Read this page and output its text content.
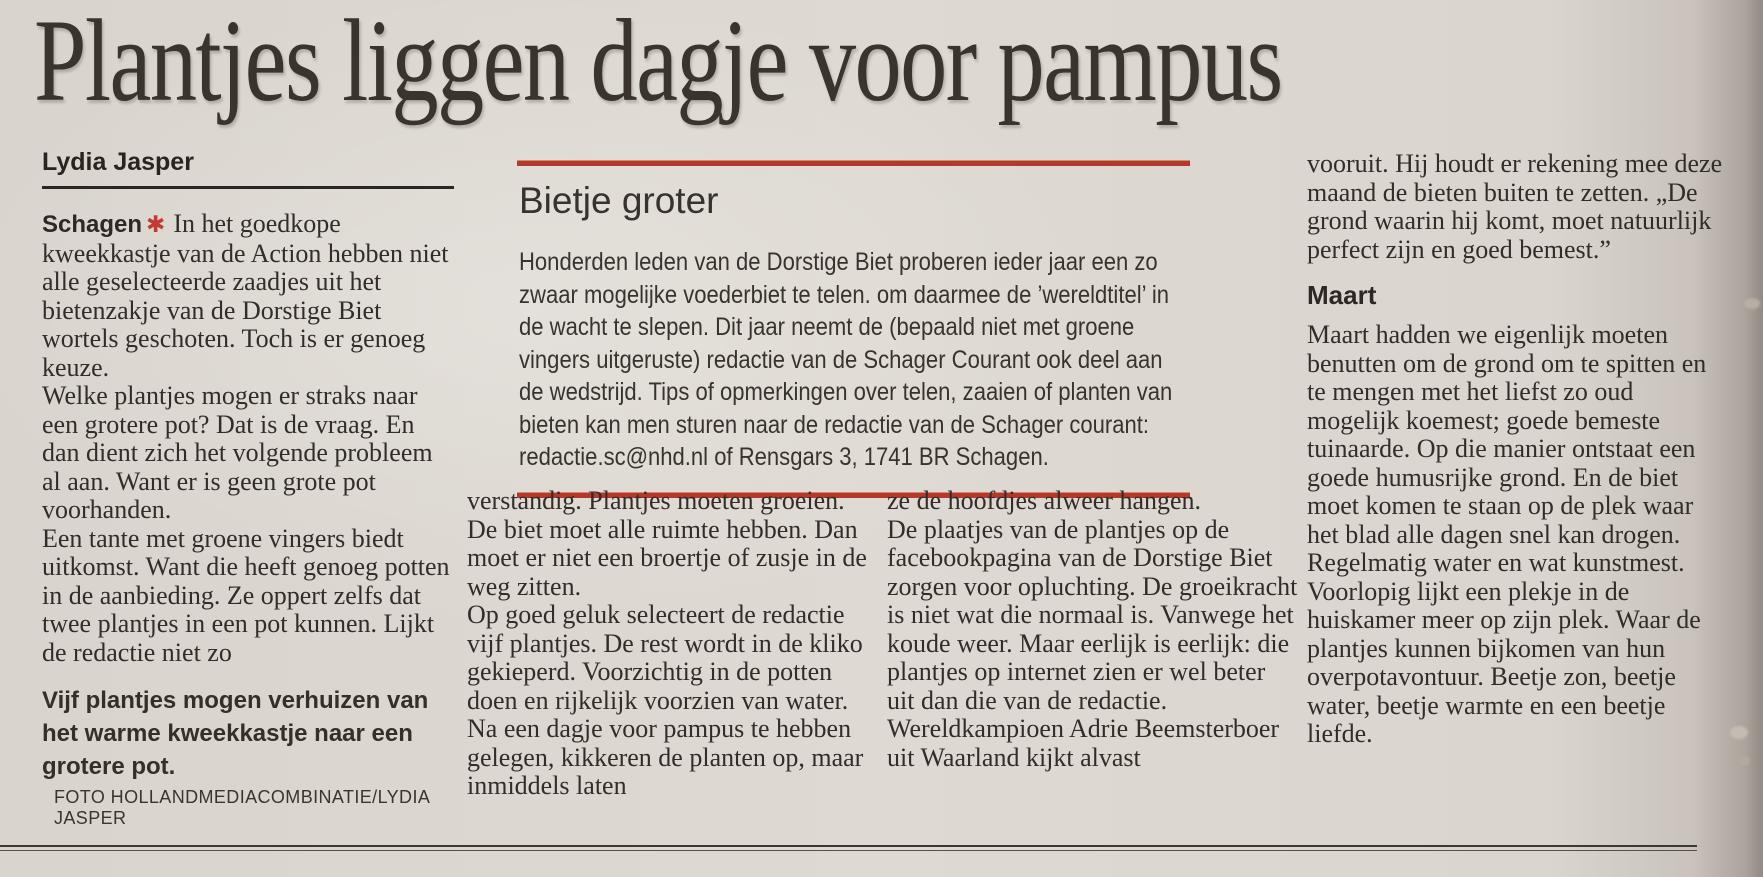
Plantjes liggen dagje voor pampus
Lydia Jasper

Schagen ✱ In het goedkope kweekkastje van de Action hebben niet alle geselecteerde zaadjes uit het bietenzakje van de Dorstige Biet wortels geschoten. Toch is er genoeg keuze.

Welke plantjes mogen er straks naar een grotere pot? Dat is de vraag. En dan dient zich het volgende probleem al aan. Want er is geen grote pot voorhanden.

Een tante met groene vingers biedt uitkomst. Want die heeft genoeg potten in de aanbieding. Ze oppert zelfs dat twee plantjes in een pot kunnen. Lijkt de redactie niet zo

Vijf plantjes mogen verhuizen van het warme kweekkastje naar een grotere pot.
FOTO HOLLANDMEDIACOMBINATIE/LYDIA JASPER
Bietje groter

Honderden leden van de Dorstige Biet proberen ieder jaar een zo zwaar mogelijke voederbiet te telen. om daarmee de ’wereldtitel’ in de wacht te slepen. Dit jaar neemt de (bepaald niet met groene vingers uitgeruste) redactie van de Schager Courant ook deel aan de wedstrijd. Tips of opmerkingen over telen, zaaien of planten van bieten kan men sturen naar de redactie van de Schager courant: redactie.sc@nhd.nl of Rensgars 3, 1741 BR Schagen.

verstandig. Plantjes moeten groeien. De biet moet alle ruimte hebben. Dan moet er niet een broertje of zusje in de weg zitten.

Op goed geluk selecteert de redactie vijf plantjes. De rest wordt in de kliko gekieperd. Voorzichtig in de potten doen en rijkelijk voorzien van water. Na een dagje voor pampus te hebben gelegen, kikkeren de planten op, maar inmiddels laten

ze de hoofdjes alweer hangen.

De plaatjes van de plantjes op de facebookpagina van de Dorstige Biet zorgen voor opluchting. De groeikracht is niet wat die normaal is. Vanwege het koude weer. Maar eerlijk is eerlijk: die plantjes op internet zien er wel beter uit dan die van de redactie.

Wereldkampioen Adrie Beemsterboer uit Waarland kijkt alvast

vooruit. Hij houdt er rekening mee deze maand de bieten buiten te zetten. „De grond waarin hij komt, moet natuurlijk perfect zijn en goed bemest.”

Maart

Maart hadden we eigenlijk moeten benutten om de grond om te spitten en te mengen met het liefst zo oud mogelijk koemest; goede bemeste tuinaarde. Op die manier ontstaat een goede humusrijke grond. En de biet moet komen te staan op de plek waar het blad alle dagen snel kan drogen. Regelmatig water en wat kunstmest.

Voorlopig lijkt een plekje in de huiskamer meer op zijn plek. Waar de plantjes kunnen bijkomen van hun overpotavontuur. Beetje zon, beetje water, beetje warmte en een beetje liefde.
